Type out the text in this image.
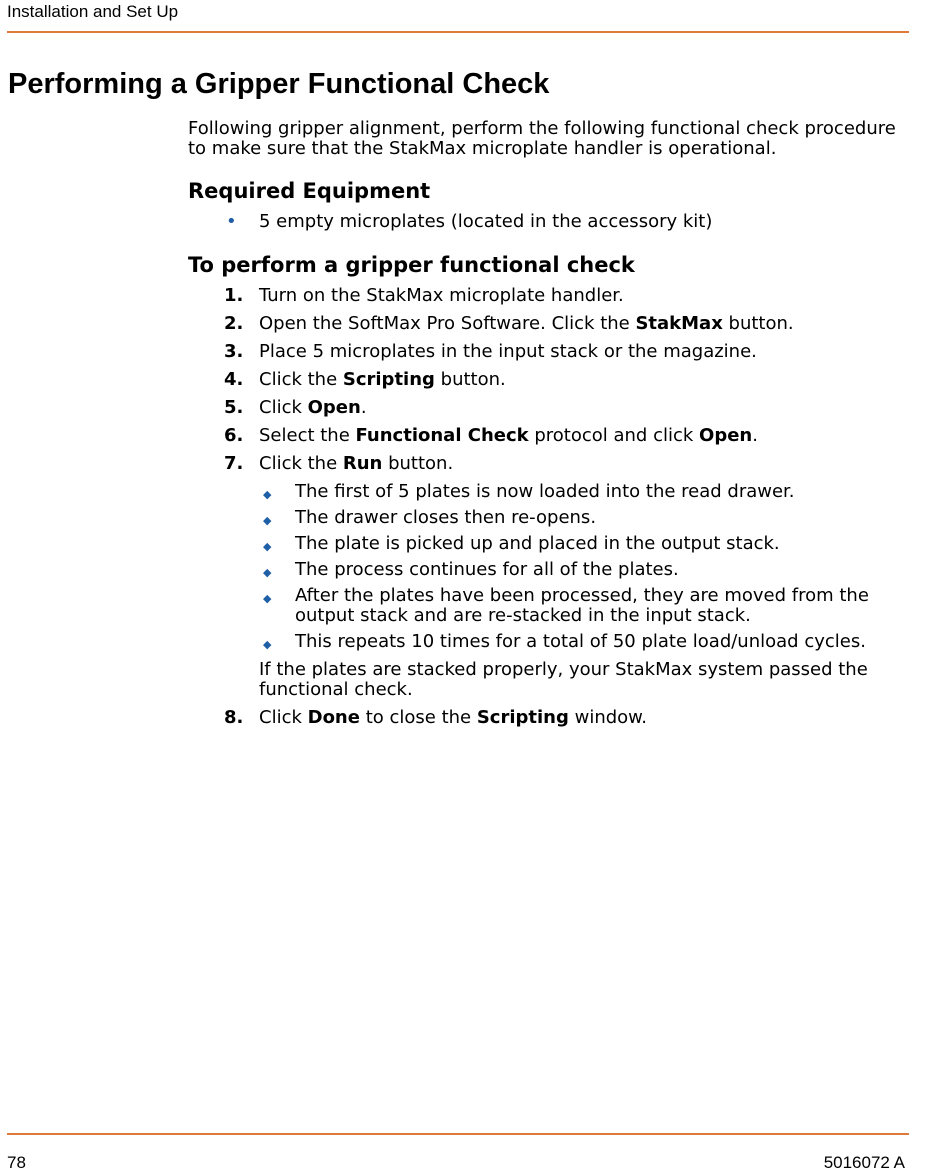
Installation and Set Up
Performing a Gripper Functional Check

Following gripper alignment, perform the following functional check procedure to make sure that the StakMax microplate handler is operational.

Required Equipment
• 5 empty microplates (located in the accessory kit)
To perform a gripper functional check
1. Turn on the StakMax microplate handler.
2. Open the SoftMax Pro Software. Click the StakMax button.
3. Place 5 microplates in the input stack or the magazine.
4. Click the Scripting button.
5. Click Open.
6. Select the Functional Check protocol and click Open.
7. Click the Run button.
◆ The first of 5 plates is now loaded into the read drawer.
◆ The drawer closes then re-opens.
◆ The plate is picked up and placed in the output stack.
◆ The process continues for all of the plates.
◆ After the plates have been processed, they are moved from the output stack and are re-stacked in the input stack.
◆ This repeats 10 times for a total of 50 plate load/unload cycles.
If the plates are stacked properly, your StakMax system passed the functional check.
8. Click Done to close the Scripting window.
78	5016072 A
